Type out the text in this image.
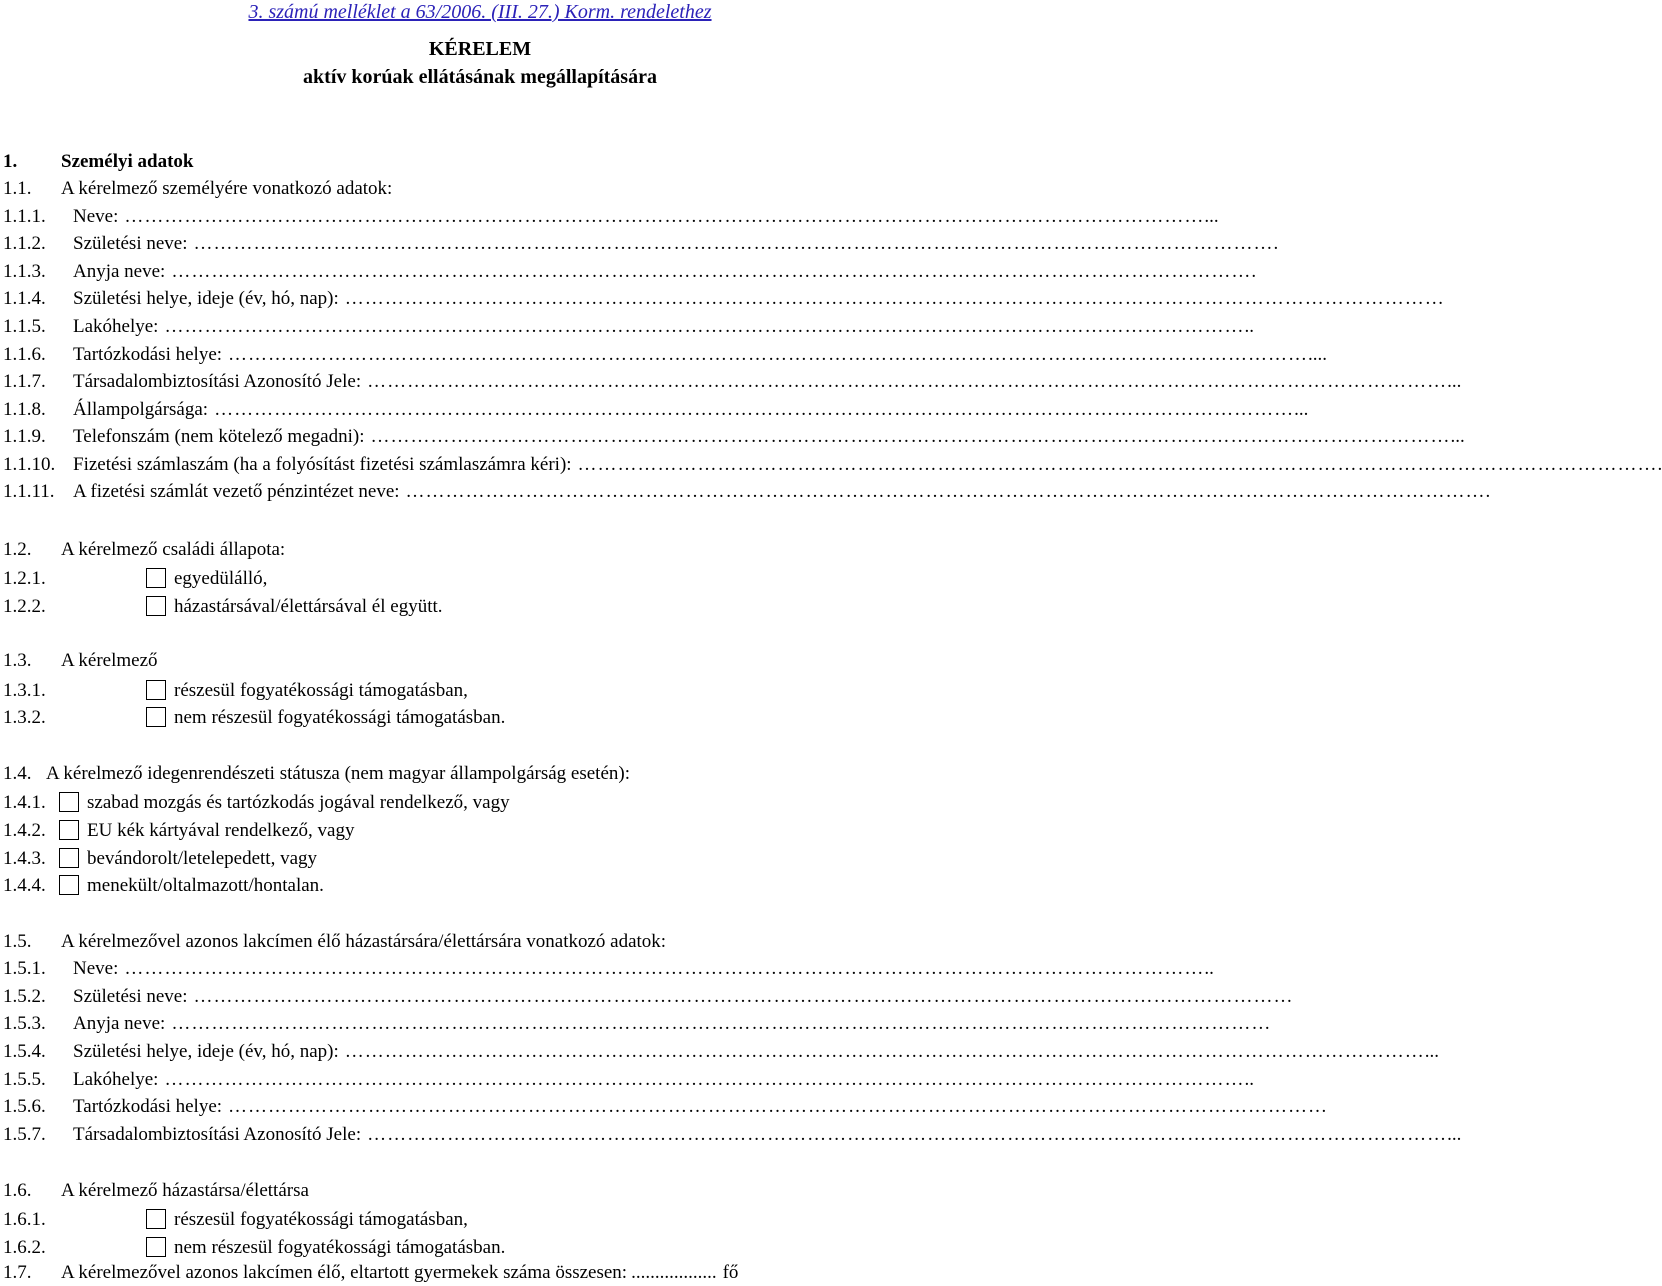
3. számú melléklet a 63/2006. (III. 27.) Korm. rendelethez
KÉRELEM
aktív korúak ellátásának megállapítására
1.	Személyi adatok
1.1.	A kérelmező személyére vonatkozó adatok:
1.1.1.	Neve:	……………………………………………………………………………………………………………………………………………… ...
1.1.2.	Születési neve:	……………………………………………………………………………………………………………………………………………… .
1.1.3.	Anyja neve:	……………………………………………………………………………………………………………………………………………… .
1.1.4.	Születési helye, ideje (év, hó, nap):	……………………………………………………………………………………………………………………………………………… …
1.1.5.	Lakóhelye:	……………………………………………………………………………………………………………………………………………… ..
1.1.6.	Tartózkodási helye:	……………………………………………………………………………………………………………………………………………… ....
1.1.7.	Társadalombiztosítási Azonosító Jele:	……………………………………………………………………………………………………………………………………………… ...
1.1.8.	Állampolgársága:	……………………………………………………………………………………………………………………………………………… ...
1.1.9.	Telefonszám (nem kötelező megadni):	……………………………………………………………………………………………………………………………………………… ...
1.1.10. Fizetési számlaszám (ha a folyósítást fizetési számlaszámra kéri):	……………………………………………………………………………………………………………………………………………… .
1.1.11. A fizetési számlát vezető pénzintézet neve:	……………………………………………………………………………………………………………………………………………… .
1.2.	A kérelmező családi állapota:
1.2.1.	egyedülálló,
1.2.2.	házastársával/élettársával él együtt.
1.3.	A kérelmező
1.3.1.	részesül fogyatékossági támogatásban,
1.3.2.	nem részesül fogyatékossági támogatásban.
1.4. A kérelmező idegenrendészeti státusza (nem magyar állampolgárság esetén):
1.4.1.	szabad mozgás és tartózkodás jogával rendelkező, vagy
1.4.2.	EU kék kártyával rendelkező, vagy
1.4.3.	bevándorolt/letelepedett, vagy
1.4.4.	menekült/oltalmazott/hontalan.
1.5.	A kérelmezővel azonos lakcímen élő házastársára/élettársára vonatkozó adatok:
1.5.1.	Neve:	……………………………………………………………………………………………………………………………………………… ..
1.5.2.	Születési neve:	……………………………………………………………………………………………………………………………………………… …
1.5.3.	Anyja neve:	……………………………………………………………………………………………………………………………………………… …
1.5.4.	Születési helye, ideje (év, hó, nap):	……………………………………………………………………………………………………………………………………………… ...
1.5.5.	Lakóhelye:	……………………………………………………………………………………………………………………………………………… ..
1.5.6.	Tartózkodási helye:	……………………………………………………………………………………………………………………………………………… …
1.5.7.	Társadalombiztosítási Azonosító Jele:	……………………………………………………………………………………………………………………………………………… ...
1.6.	A kérelmező házastársa/élettársa
1.6.1.	részesül fogyatékossági támogatásban,
1.6.2.	nem részesül fogyatékossági támogatásban.
1.7.	A kérelmezővel azonos lakcímen élő, eltartott gyermekek száma összesen: .................. fő
